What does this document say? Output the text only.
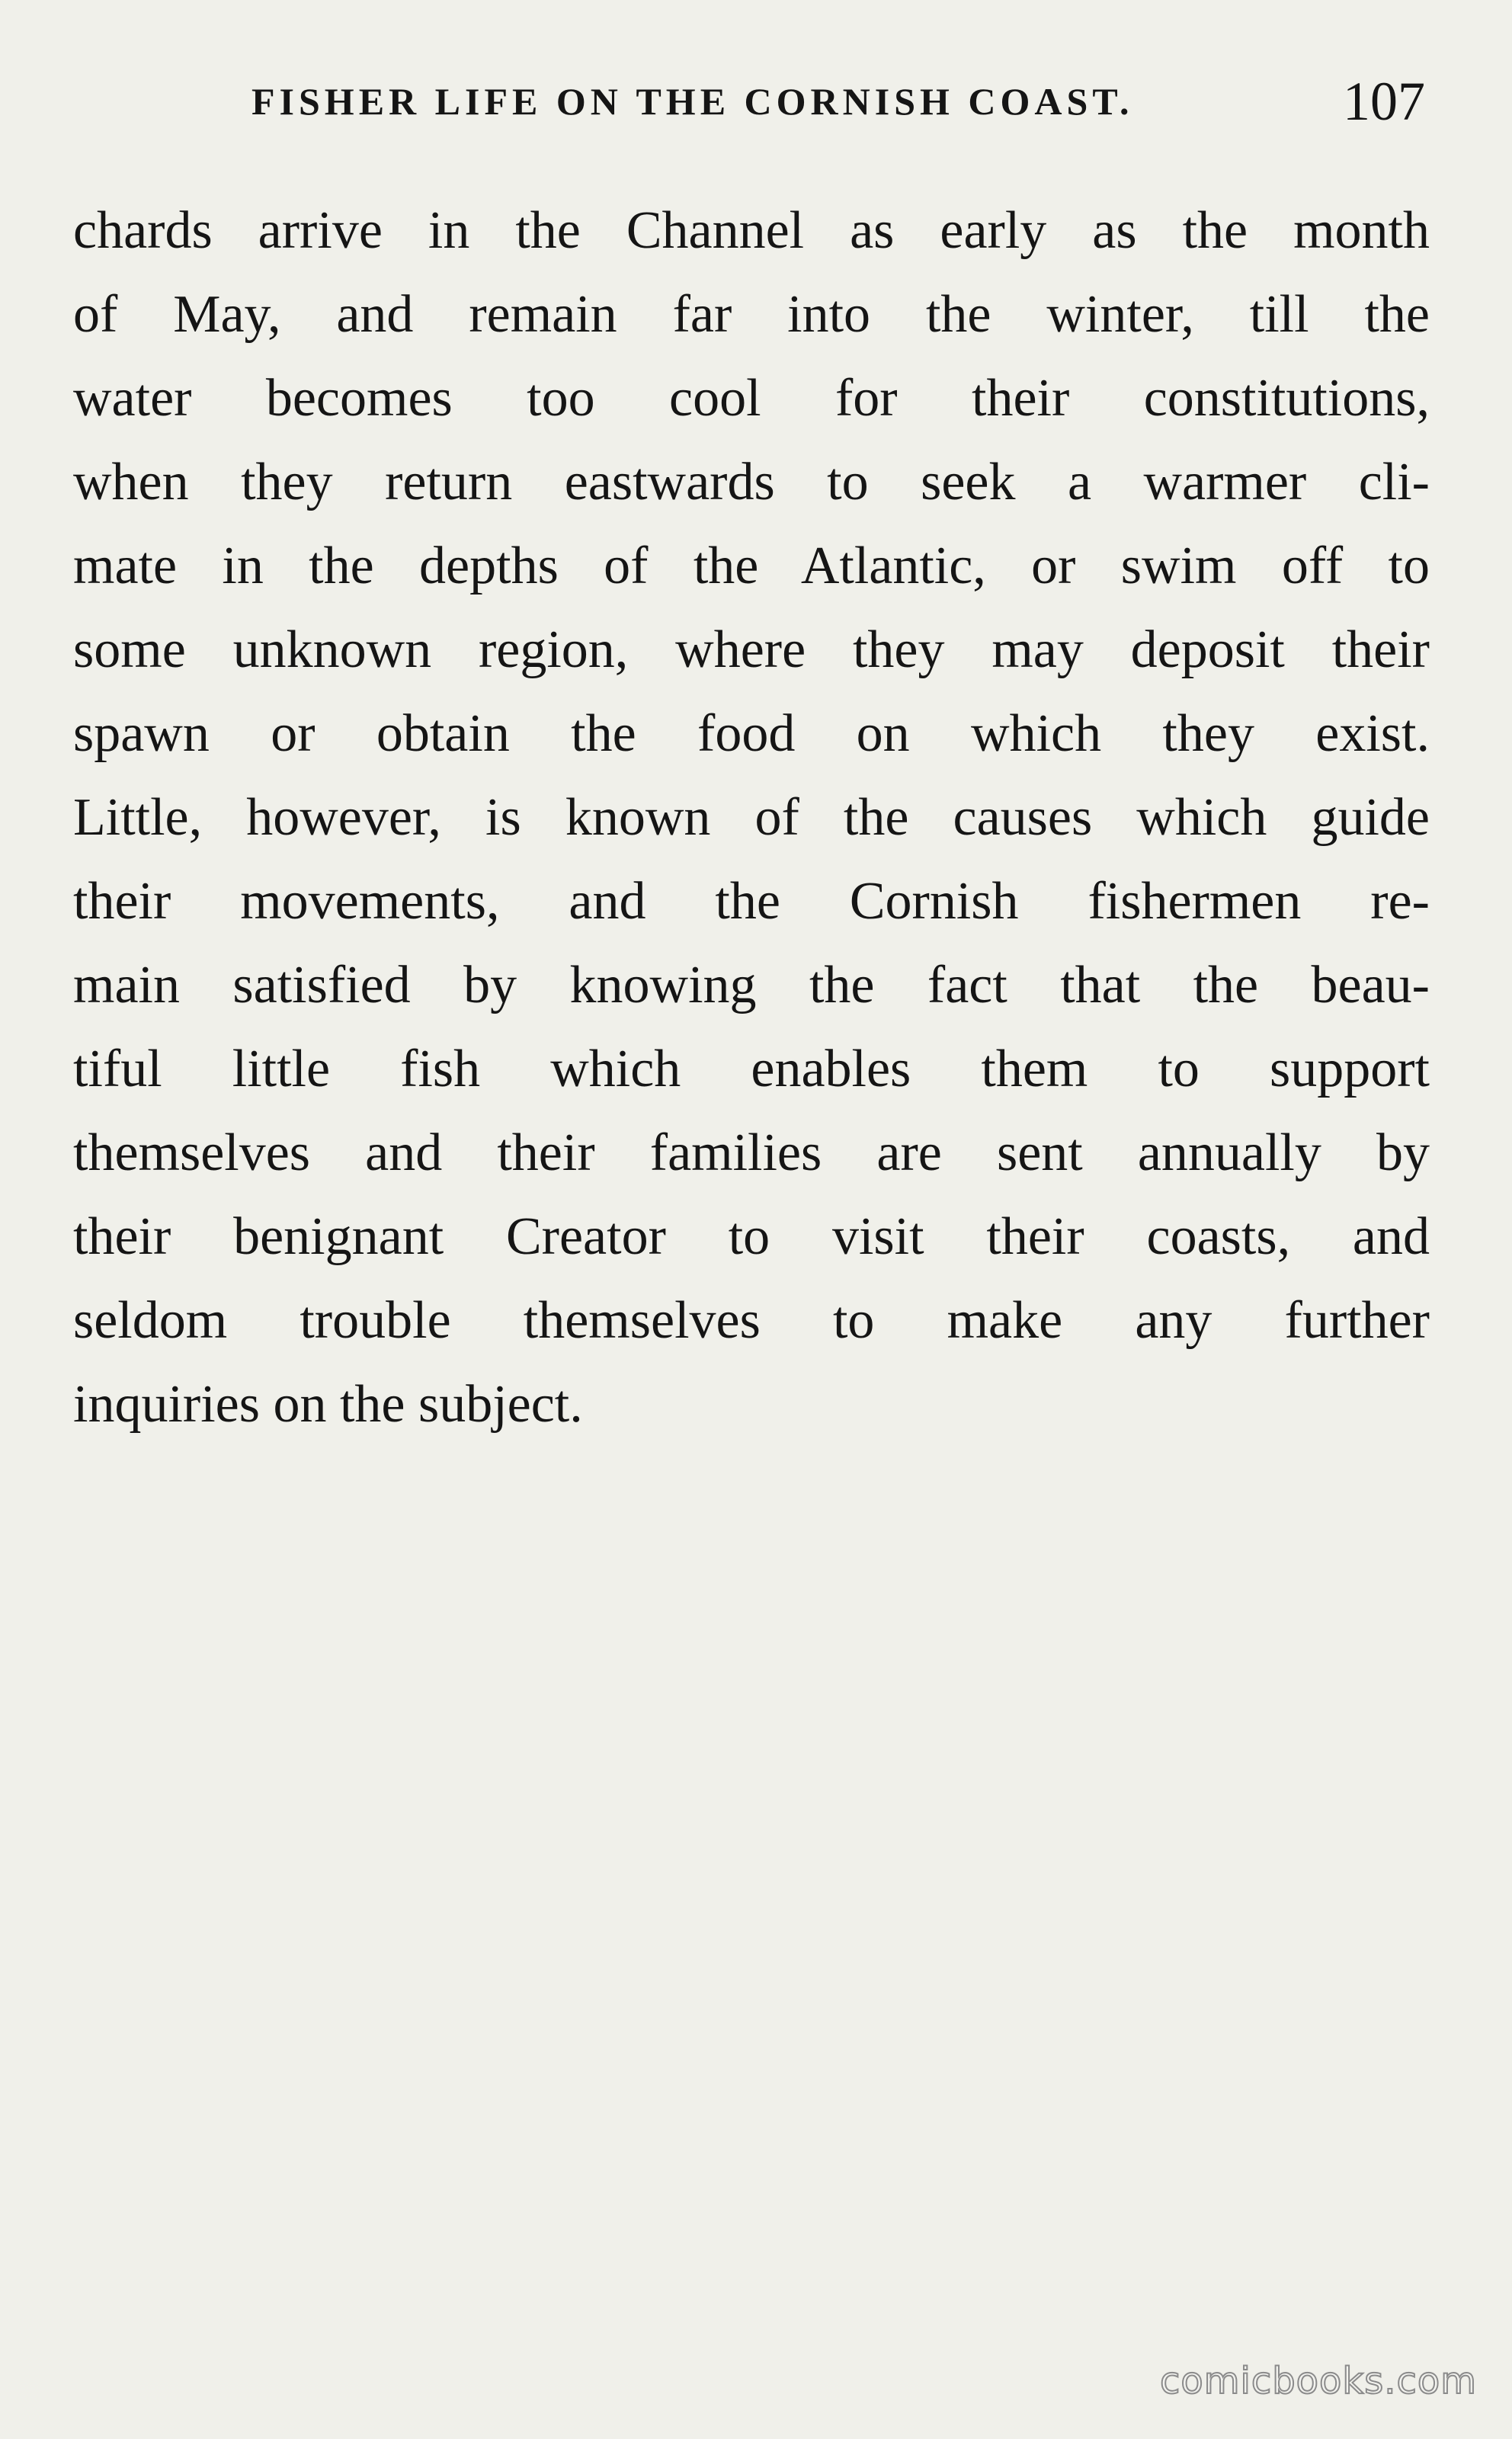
FISHER LIFE ON THE CORNISH COAST.	107
chards arrive in the Channel as early as the month
of May, and remain far into the winter, till the
water becomes too cool for their constitutions,
when they return eastwards to seek a warmer cli-
mate in the depths of the Atlantic, or swim off to
some unknown region, where they may deposit their
spawn or obtain the food on which they exist.
Little, however, is known of the causes which guide
their movements, and the Cornish fishermen re-
main satisfied by knowing the fact that the beau-
tiful little fish which enables them to support
themselves and their families are sent annually by
their benignant Creator to visit their coasts, and
seldom trouble themselves to make any further
inquiries on the subject.
comicbooks.com
